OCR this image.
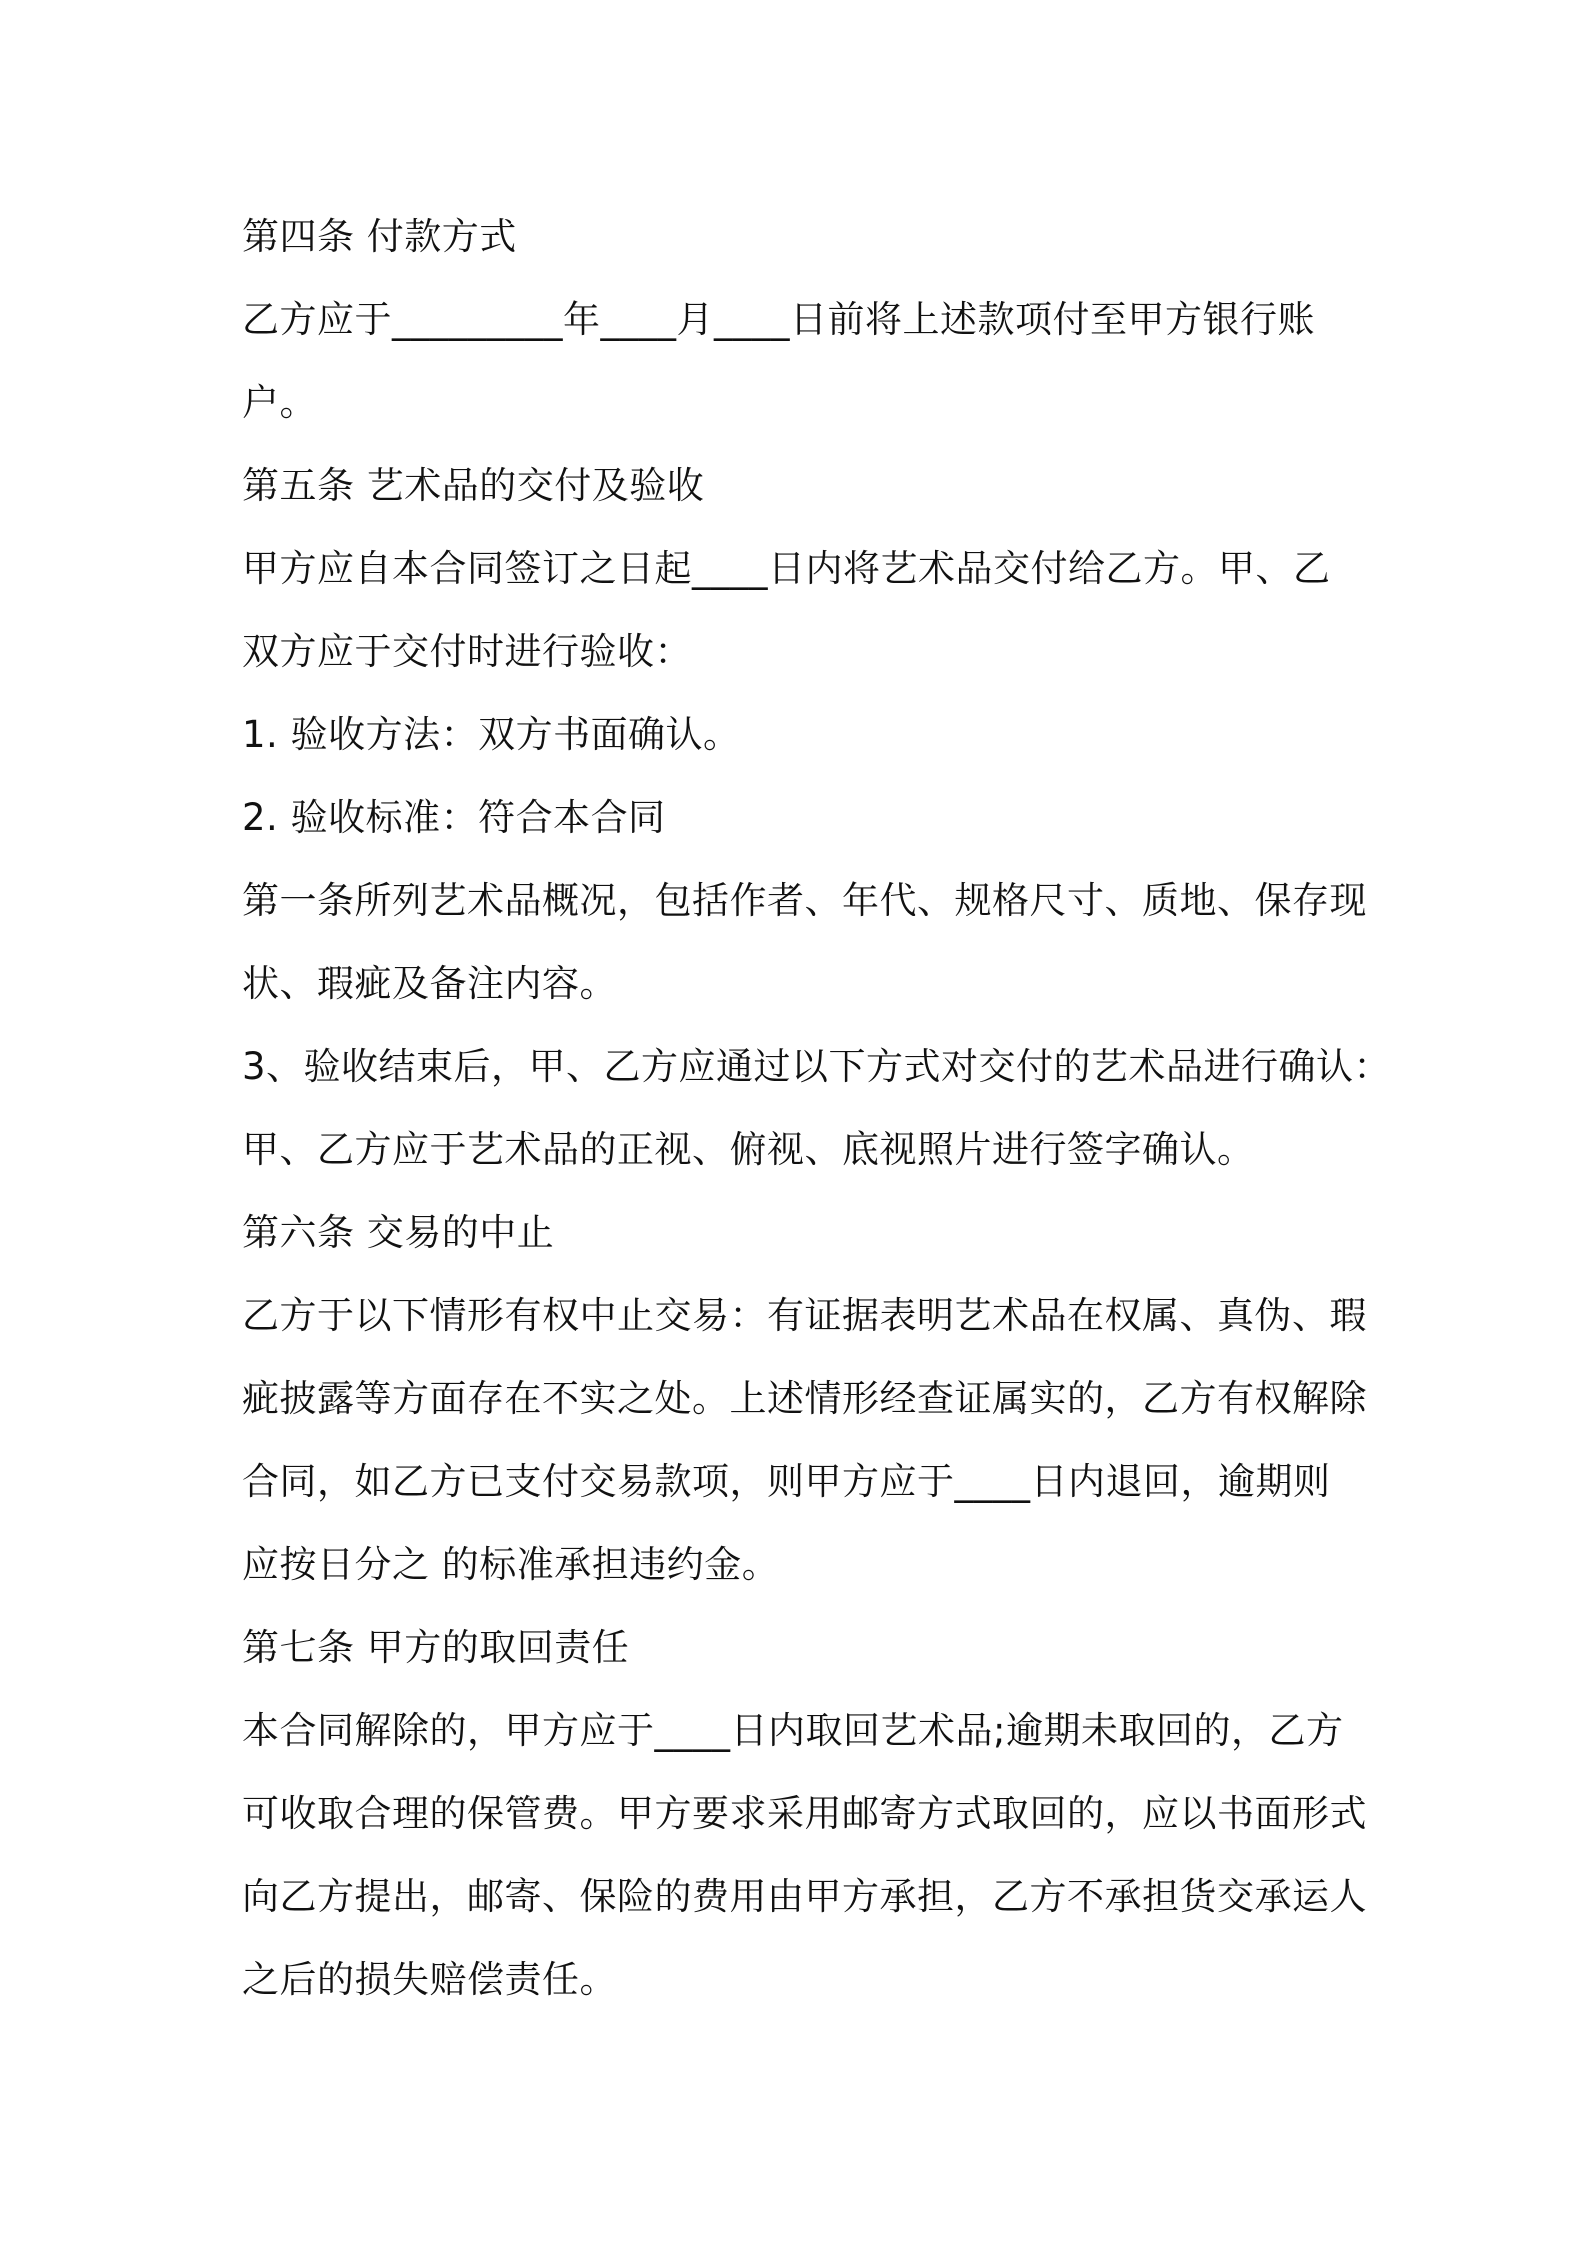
第四条 付款方式
乙方应于_________年____月____日前将上述款项付至甲方银行账
户。
第五条 艺术品的交付及验收
甲方应自本合同签订之日起____日内将艺术品交付给乙方。甲、乙
双方应于交付时进行验收：
1. 验收方法：双方书面确认。
2. 验收标准：符合本合同
第一条所列艺术品概况，包括作者、年代、规格尺寸、质地、保存现
状、瑕疵及备注内容。
3、验收结束后，甲、乙方应通过以下方式对交付的艺术品进行确认：
甲、乙方应于艺术品的正视、俯视、底视照片进行签字确认。
第六条 交易的中止
乙方于以下情形有权中止交易：有证据表明艺术品在权属、真伪、瑕
疵披露等方面存在不实之处。上述情形经查证属实的，乙方有权解除
合同，如乙方已支付交易款项，则甲方应于____日内退回，逾期则
应按日分之 的标准承担违约金。
第七条 甲方的取回责任
本合同解除的，甲方应于____日内取回艺术品;逾期未取回的，乙方
可收取合理的保管费。甲方要求采用邮寄方式取回的，应以书面形式
向乙方提出，邮寄、保险的费用由甲方承担，乙方不承担货交承运人
之后的损失赔偿责任。
